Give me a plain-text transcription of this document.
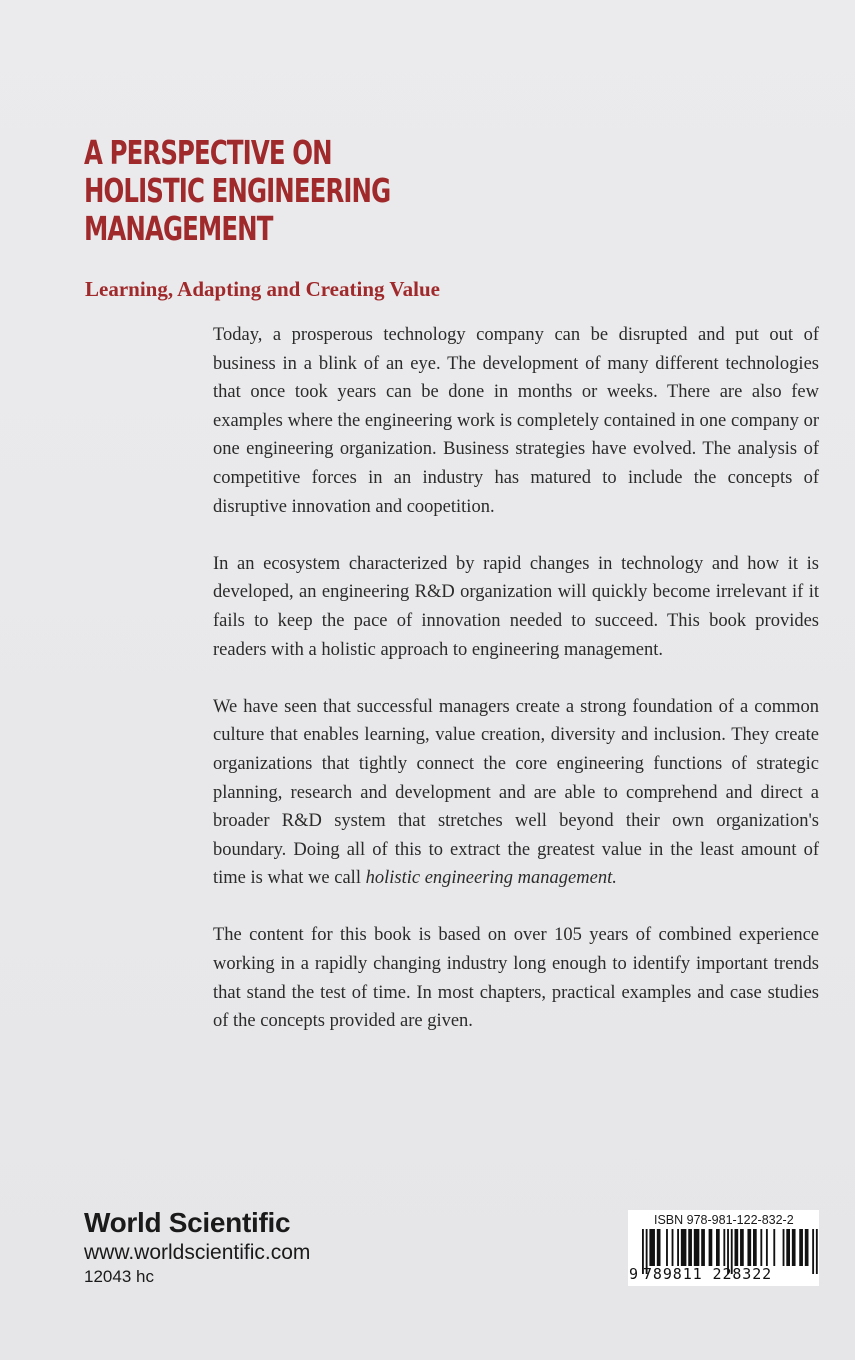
A PERSPECTIVE ON
HOLISTIC ENGINEERING
MANAGEMENT
Learning, Adapting and Creating Value

Today, a prosperous technology company can be disrupted and put out of business in a blink of an eye. The development of many different technologies that once took years can be done in months or weeks. There are also few examples where the engineering work is completely contained in one company or one engineering organization. Business strategies have evolved. The analysis of competitive forces in an industry has matured to include the concepts of disruptive innovation and coopetition.

In an ecosystem characterized by rapid changes in technology and how it is developed, an engineering R&D organization will quickly become irrelevant if it fails to keep the pace of innovation needed to succeed. This book provides readers with a holistic approach to engineering management.

We have seen that successful managers create a strong foundation of a common culture that enables learning, value creation, diversity and inclusion. They create organizations that tightly connect the core engineering functions of strategic planning, research and development and are able to comprehend and direct a broader R&D system that stretches well beyond their own organization's boundary. Doing all of this to extract the greatest value in the least amount of time is what we call holistic engineering management.

The content for this book is based on over 105 years of combined experience working in a rapidly changing industry long enough to identify important trends that stand the test of time. In most chapters, practical examples and case studies of the concepts provided are given.

World Scientific
www.worldscientific.com
12043 hc
ISBN 978-981-122-832-2
9 789811 228322
